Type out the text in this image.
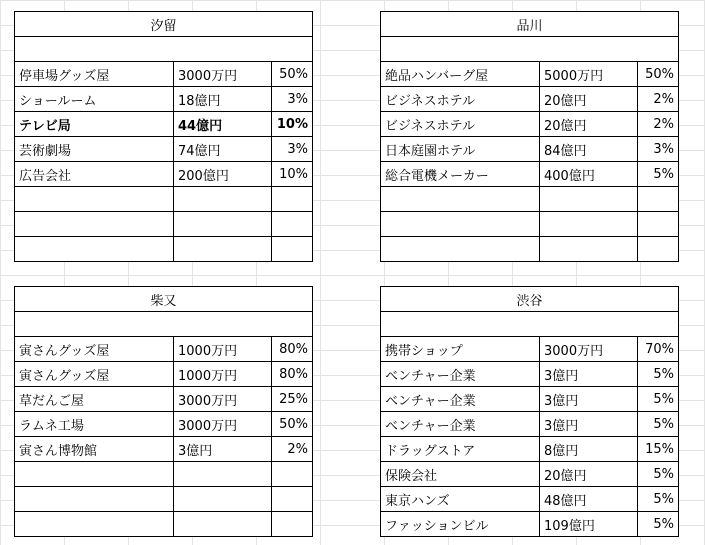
汐留		

停車場グッズ屋	3000万円	50%
ショールーム	18億円	3%
テレビ局	44億円	10%
芸術劇場	74億円	3%
広告会社	200億円	10%

品川		

絶品ハンバーグ屋	5000万円	50%
ビジネスホテル	20億円	2%
ビジネスホテル	20億円	2%
日本庭園ホテル	84億円	3%
総合電機メーカー	400億円	5%

柴又		

寅さんグッズ屋	1000万円	80%
寅さんグッズ屋	1000万円	80%
草だんご屋	3000万円	25%
ラムネ工場	3000万円	50%
寅さん博物館	3億円	2%

渋谷		

携帯ショップ	3000万円	70%
ベンチャー企業	3億円	5%
ベンチャー企業	3億円	5%
ベンチャー企業	3億円	5%
ドラッグストア	8億円	15%
保険会社	20億円	5%
東京ハンズ	48億円	5%
ファッションビル	109億円	5%
